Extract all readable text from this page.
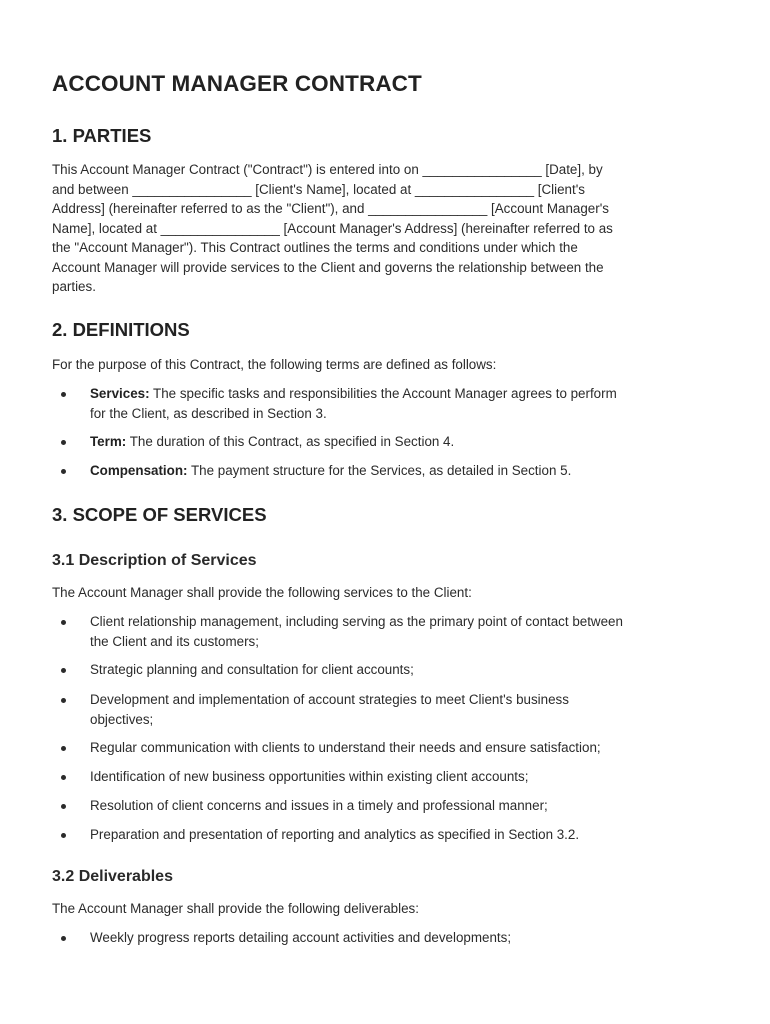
ACCOUNT MANAGER CONTRACT
1. PARTIES
This Account Manager Contract ("Contract") is entered into on ________________ [Date], by
and between ________________ [Client's Name], located at ________________ [Client's
Address] (hereinafter referred to as the "Client"), and ________________ [Account Manager's
Name], located at ________________ [Account Manager's Address] (hereinafter referred to as
the "Account Manager"). This Contract outlines the terms and conditions under which the
Account Manager will provide services to the Client and governs the relationship between the
parties.
2. DEFINITIONS

For the purpose of this Contract, the following terms are defined as follows:

Services: The specific tasks and responsibilities the Account Manager agrees to perform
for the Client, as described in Section 3.

Term: The duration of this Contract, as specified in Section 4.

Compensation: The payment structure for the Services, as detailed in Section 5.

3. SCOPE OF SERVICES
3.1 Description of Services

The Account Manager shall provide the following services to the Client:

Client relationship management, including serving as the primary point of contact between
the Client and its customers;

Strategic planning and consultation for client accounts;

Development and implementation of account strategies to meet Client's business
objectives;

Regular communication with clients to understand their needs and ensure satisfaction;

Identification of new business opportunities within existing client accounts;

Resolution of client concerns and issues in a timely and professional manner;

Preparation and presentation of reporting and analytics as specified in Section 3.2.

3.2 Deliverables

The Account Manager shall provide the following deliverables:

Weekly progress reports detailing account activities and developments;
